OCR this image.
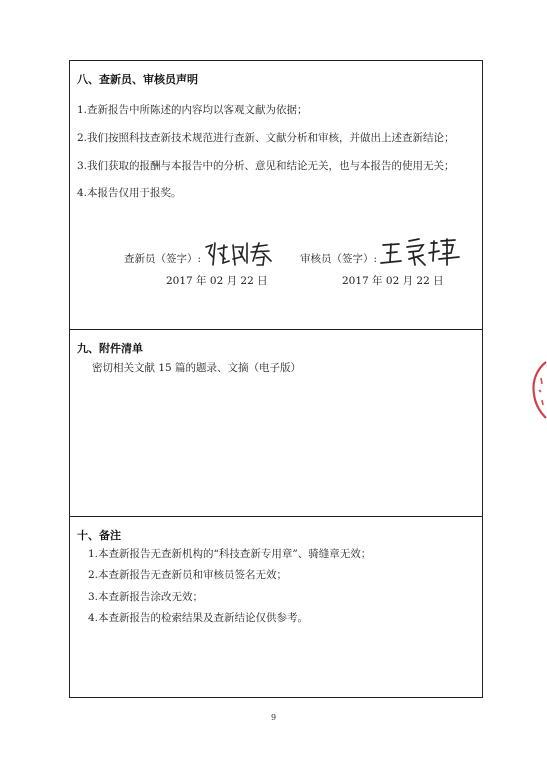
八、查新员、审核员声明
1.查新报告中所陈述的内容均以客观文献为依据；
2.我们按照科技查新技术规范进行查新、文献分析和审核，并做出上述查新结论；
3.我们获取的报酬与本报告中的分析、意见和结论无关，也与本报告的使用无关；
4.本报告仅用于报奖。
查新员（签字）:
2017 年 02 月 22 日
审核员（签字）:
2017 年 02 月 22 日
九、附件清单
密切相关文献 15 篇的题录、文摘（电子版）
十、备注
1.本查新报告无查新机构的“科技查新专用章”、骑缝章无效；
2.本查新报告无查新员和审核员签名无效；
3.本查新报告涂改无效；
4.本查新报告的检索结果及查新结论仅供参考。
9
